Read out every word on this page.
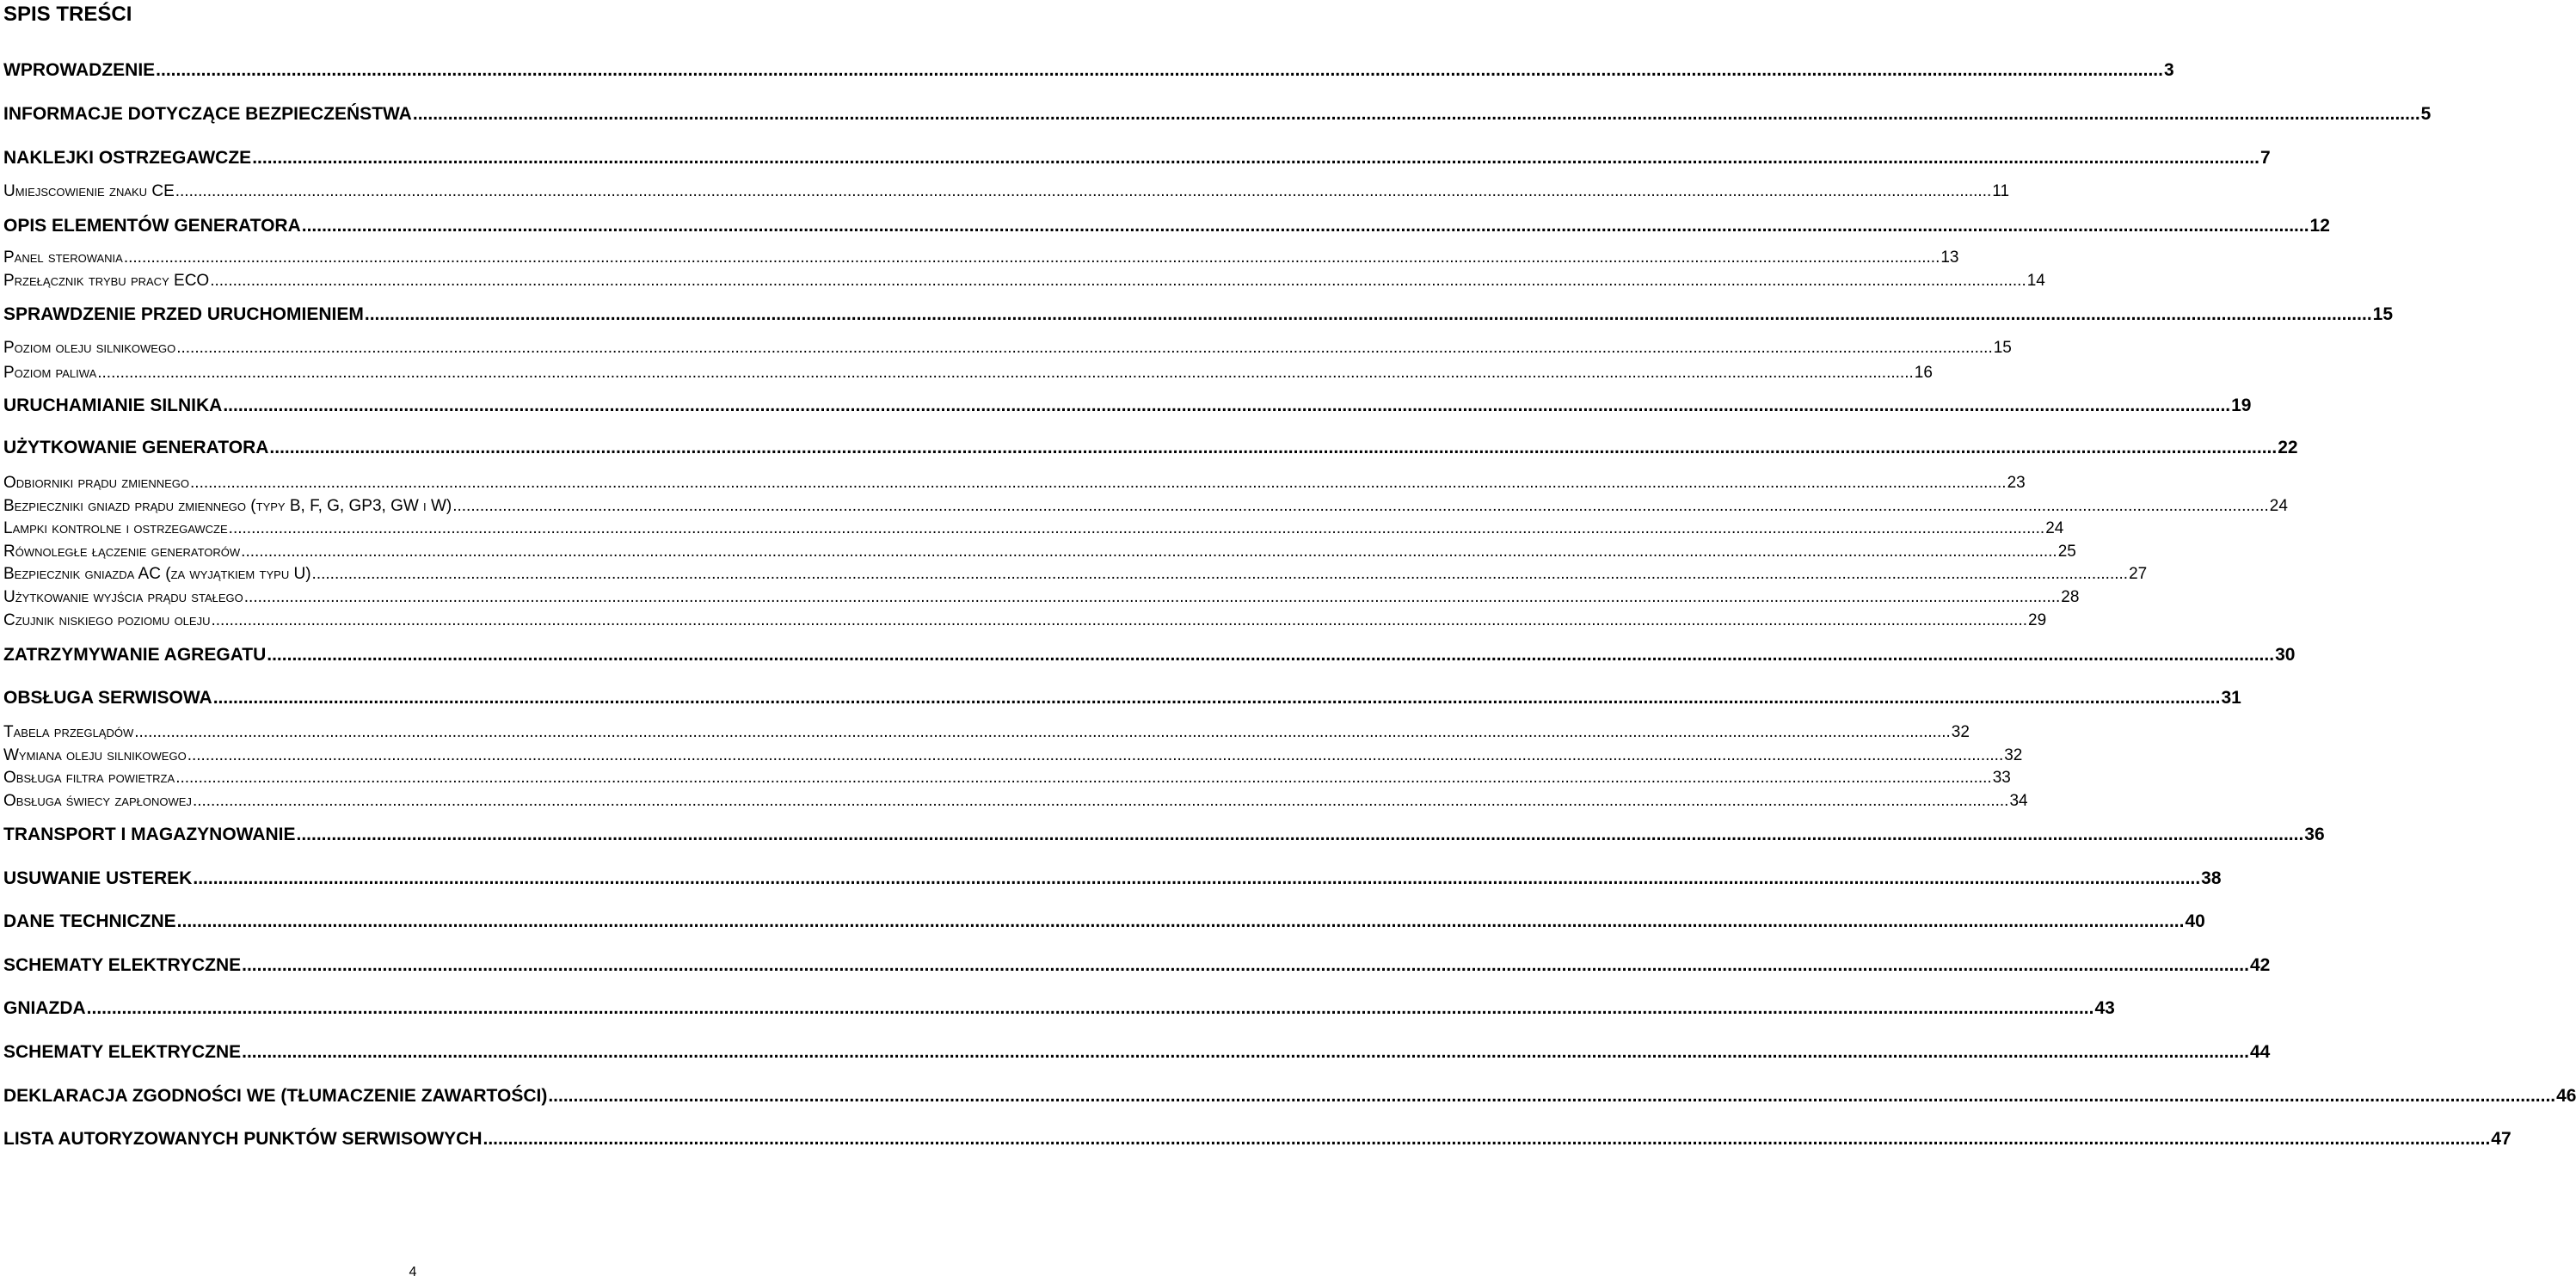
SPIS TREŚCI
WPROWADZENIE ................................................................................................................................................................................................................................................................................................................................................................................................................ 3
INFORMACJE DOTYCZĄCE BEZPIECZEŃSTWA ................................................................................................................................................................................................................................................................................................................................................................................................................ 5
NAKLEJKI OSTRZEGAWCZE ................................................................................................................................................................................................................................................................................................................................................................................................................ 7
Umiejscowienie znaku CE ................................................................................................................................................................................................................................................................................................................................................................................................................ 11
OPIS ELEMENTÓW GENERATORA ................................................................................................................................................................................................................................................................................................................................................................................................................ 12
Panel sterowania ................................................................................................................................................................................................................................................................................................................................................................................................................ 13
Przełącznik trybu pracy ECO ................................................................................................................................................................................................................................................................................................................................................................................................................ 14
SPRAWDZENIE PRZED URUCHOMIENIEM ................................................................................................................................................................................................................................................................................................................................................................................................................ 15
Poziom oleju silnikowego ................................................................................................................................................................................................................................................................................................................................................................................................................ 15
Poziom paliwa ................................................................................................................................................................................................................................................................................................................................................................................................................ 16
URUCHAMIANIE SILNIKA ................................................................................................................................................................................................................................................................................................................................................................................................................ 19
UŻYTKOWANIE GENERATORA ................................................................................................................................................................................................................................................................................................................................................................................................................ 22
Odbiorniki prądu zmiennego ................................................................................................................................................................................................................................................................................................................................................................................................................ 23
Bezpieczniki gniazd prądu zmiennego (typy B, F, G, GP3, GW i W) ................................................................................................................................................................................................................................................................................................................................................................................................................ 24
Lampki kontrolne i ostrzegawcze ................................................................................................................................................................................................................................................................................................................................................................................................................ 24
Równoległe łączenie generatorów ................................................................................................................................................................................................................................................................................................................................................................................................................ 25
Bezpiecznik gniazda AC (za wyjątkiem typu U) ................................................................................................................................................................................................................................................................................................................................................................................................................ 27
Użytkowanie wyjścia prądu stałego ................................................................................................................................................................................................................................................................................................................................................................................................................ 28
Czujnik niskiego poziomu oleju ................................................................................................................................................................................................................................................................................................................................................................................................................ 29
ZATRZYMYWANIE AGREGATU ................................................................................................................................................................................................................................................................................................................................................................................................................ 30
OBSŁUGA SERWISOWA ................................................................................................................................................................................................................................................................................................................................................................................................................ 31
Tabela przeglądów ................................................................................................................................................................................................................................................................................................................................................................................................................ 32
Wymiana oleju silnikowego ................................................................................................................................................................................................................................................................................................................................................................................................................ 32
Obsługa filtra powietrza ................................................................................................................................................................................................................................................................................................................................................................................................................ 33
Obsługa świecy zapłonowej ................................................................................................................................................................................................................................................................................................................................................................................................................ 34
TRANSPORT I MAGAZYNOWANIE ................................................................................................................................................................................................................................................................................................................................................................................................................ 36
USUWANIE USTEREK ................................................................................................................................................................................................................................................................................................................................................................................................................ 38
DANE TECHNICZNE ................................................................................................................................................................................................................................................................................................................................................................................................................ 40
SCHEMATY ELEKTRYCZNE ................................................................................................................................................................................................................................................................................................................................................................................................................ 42
GNIAZDA ................................................................................................................................................................................................................................................................................................................................................................................................................ 43
SCHEMATY ELEKTRYCZNE ................................................................................................................................................................................................................................................................................................................................................................................................................ 44
DEKLARACJA ZGODNOŚCI WE (TŁUMACZENIE ZAWARTOŚCI) ................................................................................................................................................................................................................................................................................................................................................................................................................ 46
LISTA AUTORYZOWANYCH PUNKTÓW SERWISOWYCH ................................................................................................................................................................................................................................................................................................................................................................................................................ 47
4
